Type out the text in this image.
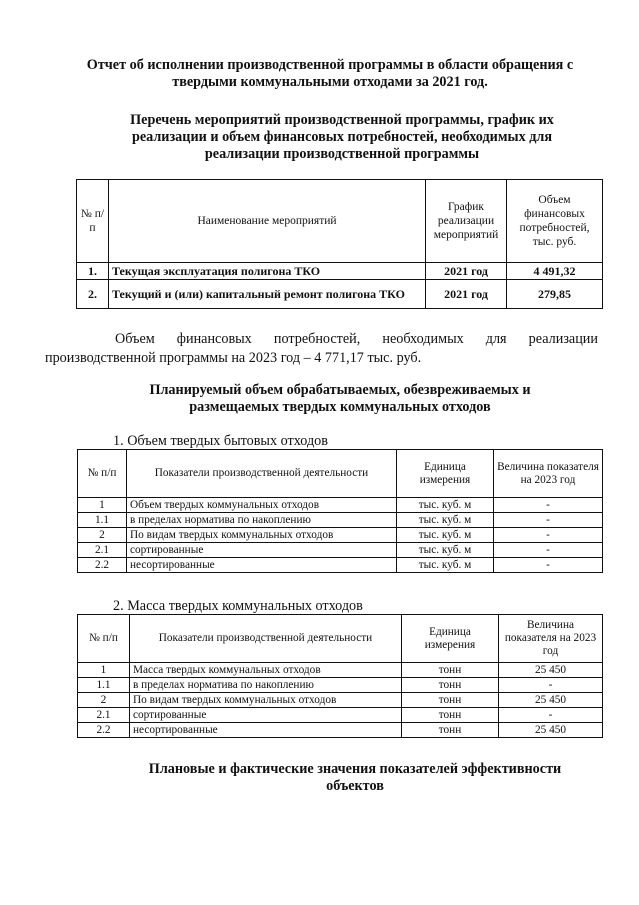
Отчет об исполнении производственной программы в области обращения с
твердыми коммунальными отходами за 2021 год.
Перечень мероприятий производственной программы, график их
реализации и объем финансовых потребностей, необходимых для
реализации производственной программы
№ п/п	Наименование мероприятий	График реализации мероприятий	Объем финансовых потребностей, тыс. руб.
1.	Текущая эксплуатация полигона ТКО	2021 год	4 491,32
2.	Текущий и (или) капитальный ремонт полигона ТКО	2021 год	279,85
Объем финансовых потребностей, необходимых для реализации
производственной программы на 2023 год – 4 771,17 тыс. руб.
Планируемый объем обрабатываемых, обезвреживаемых и
размещаемых твердых коммунальных отходов
1. Объем твердых бытовых отходов
№ п/п	Показатели производственной деятельности	Единица измерения	Величина показателя на 2023 год
1	Объем твердых коммунальных отходов	тыс. куб. м	-
1.1	в пределах норматива по накоплению	тыс. куб. м	-
2	По видам твердых коммунальных отходов	тыс. куб. м	-
2.1	сортированные	тыс. куб. м	-
2.2	несортированные	тыс. куб. м	-
2. Масса твердых коммунальных отходов
№ п/п	Показатели производственной деятельности	Единица измерения	Величина показателя на 2023 год
1	Масса твердых коммунальных отходов	тонн	25 450
1.1	в пределах норматива по накоплению	тонн	-
2	По видам твердых коммунальных отходов	тонн	25 450
2.1	сортированные	тонн	-
2.2	несортированные	тонн	25 450
Плановые и фактические значения показателей эффективности
объектов
